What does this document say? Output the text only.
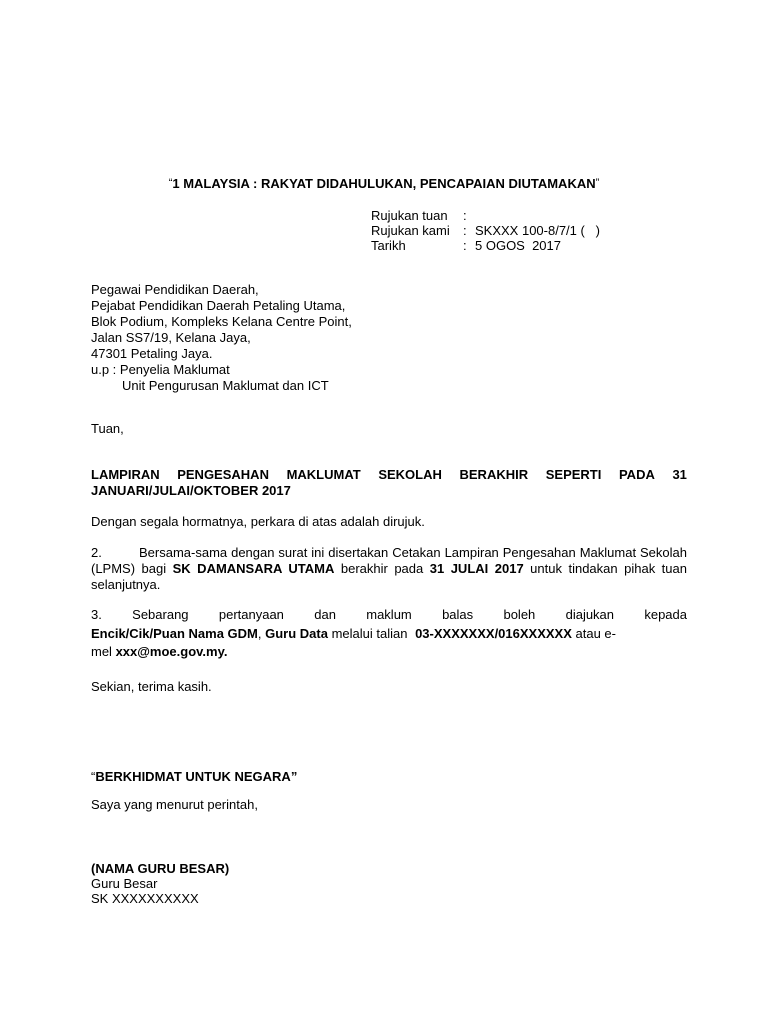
“1 MALAYSIA : RAKYAT DIDAHULUKAN, PENCAPAIAN DIUTAMAKAN”
Rujukan tuan	:
Rujukan kami	: SKXXX 100-8/7/1 (   )
Tarikh	: 5 OGOS  2017
Pegawai Pendidikan Daerah,
Pejabat Pendidikan Daerah Petaling Utama,
Blok Podium, Kompleks Kelana Centre Point,
Jalan SS7/19, Kelana Jaya,
47301 Petaling Jaya.
u.p : Penyelia Maklumat
Unit Pengurusan Maklumat dan ICT
Tuan,
LAMPIRAN PENGESAHAN MAKLUMAT SEKOLAH BERAKHIR SEPERTI PADA 31
JANUARI/JULAI/OKTOBER 2017
Dengan segala hormatnya, perkara di atas adalah dirujuk.
2.	Bersama-sama dengan surat ini disertakan Cetakan Lampiran Pengesahan Maklumat Sekolah (LPMS) bagi SK DAMANSARA UTAMA berakhir pada 31 JULAI 2017 untuk tindakan pihak tuan selanjutnya.
3. Sebarang pertanyaan dan maklum balas boleh diajukan kepada
Encik/Cik/Puan Nama GDM, Guru Data melalui talian 03-XXXXXXX/016XXXXXX atau e-
mel xxx@moe.gov.my.
Sekian, terima kasih.
“BERKHIDMAT UNTUK NEGARA”
Saya yang menurut perintah,
(NAMA GURU BESAR)
Guru Besar
SK XXXXXXXXXX
